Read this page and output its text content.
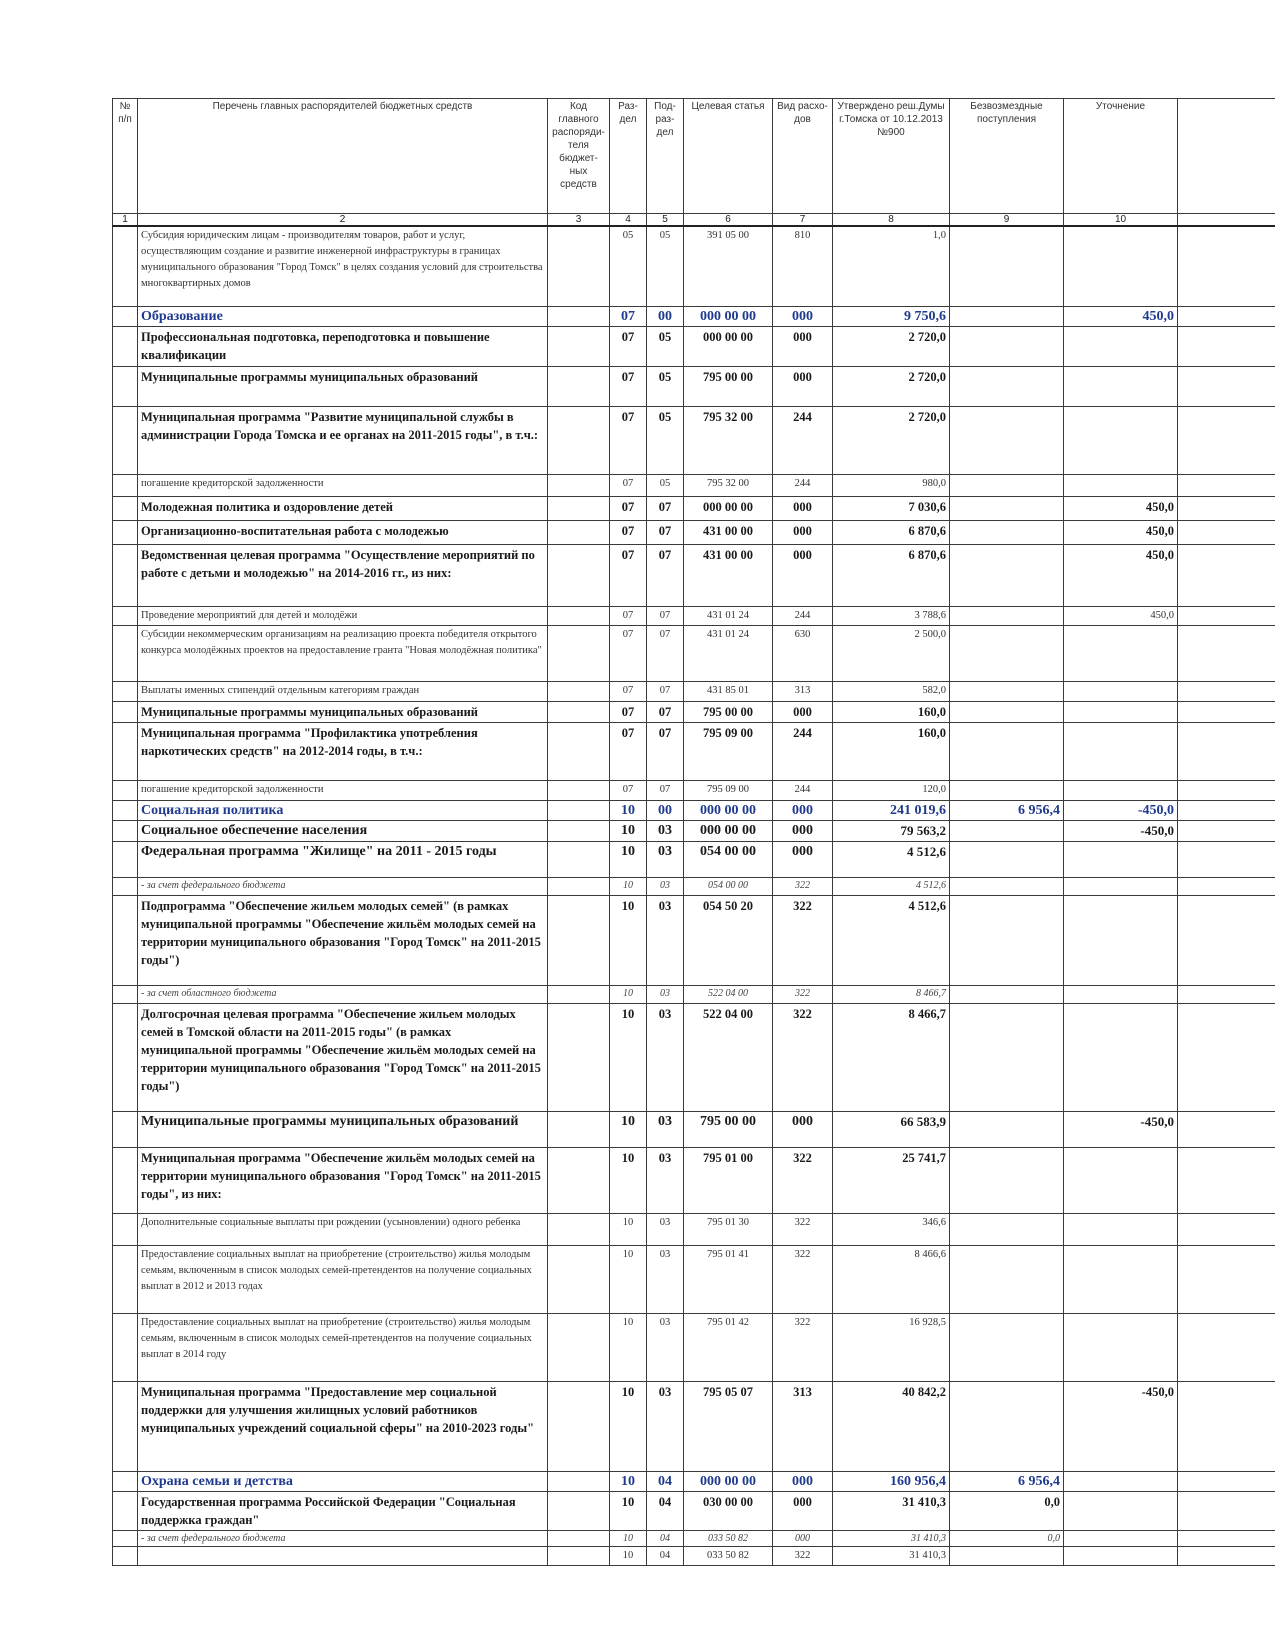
№ п/п	Перечень главных распорядителей бюджетных средств	Код главного распоряди-теля бюджет-ных средств	Раз-дел	Под-раз-дел	Целевая статья	Вид расхо-дов	Утверждено реш.Думы г.Томска от 10.12.2013 №900	Безвозмездные поступления	Уточнение	
1	2	3	4	5	6	7	8	9	10	
	Субсидия юридическим лицам - производителям товаров, работ и услуг, осуществляющим создание и развитие инженерной инфраструктуры в границах муниципального образования "Город Томск" в целях создания условий для строительства многоквартирных домов		05	05	391 05 00	810	1,0			
	Образование		07	00	000 00 00	000	9 750,6		450,0	
	Профессиональная подготовка, переподготовка и повышение квалификации		07	05	000 00 00	000	2 720,0			
	Муниципальные программы муниципальных образований		07	05	795 00 00	000	2 720,0			
	Муниципальная программа "Развитие муниципальной службы в администрации Города Томска и ее органах на 2011-2015 годы", в т.ч.:		07	05	795 32 00	244	2 720,0			
	погашение кредиторской задолженности		07	05	795 32 00	244	980,0			
	Молодежная политика и оздоровление детей		07	07	000 00 00	000	7 030,6		450,0	
	Организационно-воспитательная работа с молодежью		07	07	431 00 00	000	6 870,6		450,0	
	Ведомственная целевая программа "Осуществление мероприятий по работе с детьми и молодежью" на 2014-2016 гг., из них:		07	07	431 00 00	000	6 870,6		450,0	
	Проведение мероприятий для детей и молодёжи		07	07	431 01 24	244	3 788,6		450,0	
	Субсидии некоммерческим организациям на реализацию проекта победителя открытого конкурса молодёжных проектов на предоставление гранта "Новая молодёжная политика"		07	07	431 01 24	630	2 500,0			
	Выплаты именных стипендий отдельным категориям граждан		07	07	431 85 01	313	582,0			
	Муниципальные программы муниципальных образований		07	07	795 00 00	000	160,0			
	Муниципальная программа "Профилактика употребления наркотических средств" на 2012-2014 годы, в т.ч.:		07	07	795 09 00	244	160,0			
	погашение кредиторской задолженности		07	07	795 09 00	244	120,0			
	Социальная политика		10	00	000 00 00	000	241 019,6	6 956,4	-450,0	
	Социальное обеспечение населения		10	03	000 00 00	000	79 563,2		-450,0	
	Федеральная программа "Жилище" на 2011 - 2015 годы		10	03	054 00 00	000	4 512,6			
	- за счет федерального бюджета		10	03	054 00 00	322	4 512,6			
	Подпрограмма "Обеспечение жильем молодых семей" (в рамках муниципальной программы "Обеспечение жильём молодых семей на территории муниципального образования "Город Томск" на 2011-2015 годы")		10	03	054 50 20	322	4 512,6			
	- за счет областного бюджета		10	03	522 04 00	322	8 466,7			
	Долгосрочная целевая программа "Обеспечение жильем молодых семей в Томской области на 2011-2015 годы" (в рамках муниципальной программы "Обеспечение жильём молодых семей на территории муниципального образования "Город Томск" на 2011-2015 годы")		10	03	522 04 00	322	8 466,7			
	Муниципальные программы муниципальных образований		10	03	795 00 00	000	66 583,9		-450,0	
	Муниципальная программа "Обеспечение жильём молодых семей на территории муниципального образования "Город Томск" на 2011-2015 годы", из них:		10	03	795 01 00	322	25 741,7			
	Дополнительные социальные выплаты при рождении (усыновлении) одного ребенка		10	03	795 01 30	322	346,6			
	Предоставление социальных выплат на приобретение (строительство) жилья молодым семьям, включенным в список молодых семей-претендентов на получение социальных выплат в 2012 и 2013 годах		10	03	795 01 41	322	8 466,6			
	Предоставление социальных выплат на приобретение (строительство) жилья молодым семьям, включенным в список молодых семей-претендентов на получение социальных выплат в 2014 году		10	03	795 01 42	322	16 928,5			
	Муниципальная программа "Предоставление мер социальной поддержки для улучшения жилищных условий работников муниципальных учреждений социальной сферы" на 2010-2023 годы"		10	03	795 05 07	313	40 842,2		-450,0	
	Охрана семьи и детства		10	04	000 00 00	000	160 956,4	6 956,4		
	Государственная программа Российской Федерации "Социальная поддержка граждан"		10	04	030 00 00	000	31 410,3	0,0		
	- за счет федерального бюджета		10	04	033 50 82	000	31 410,3	0,0		
			10	04	033 50 82	322	31 410,3			
